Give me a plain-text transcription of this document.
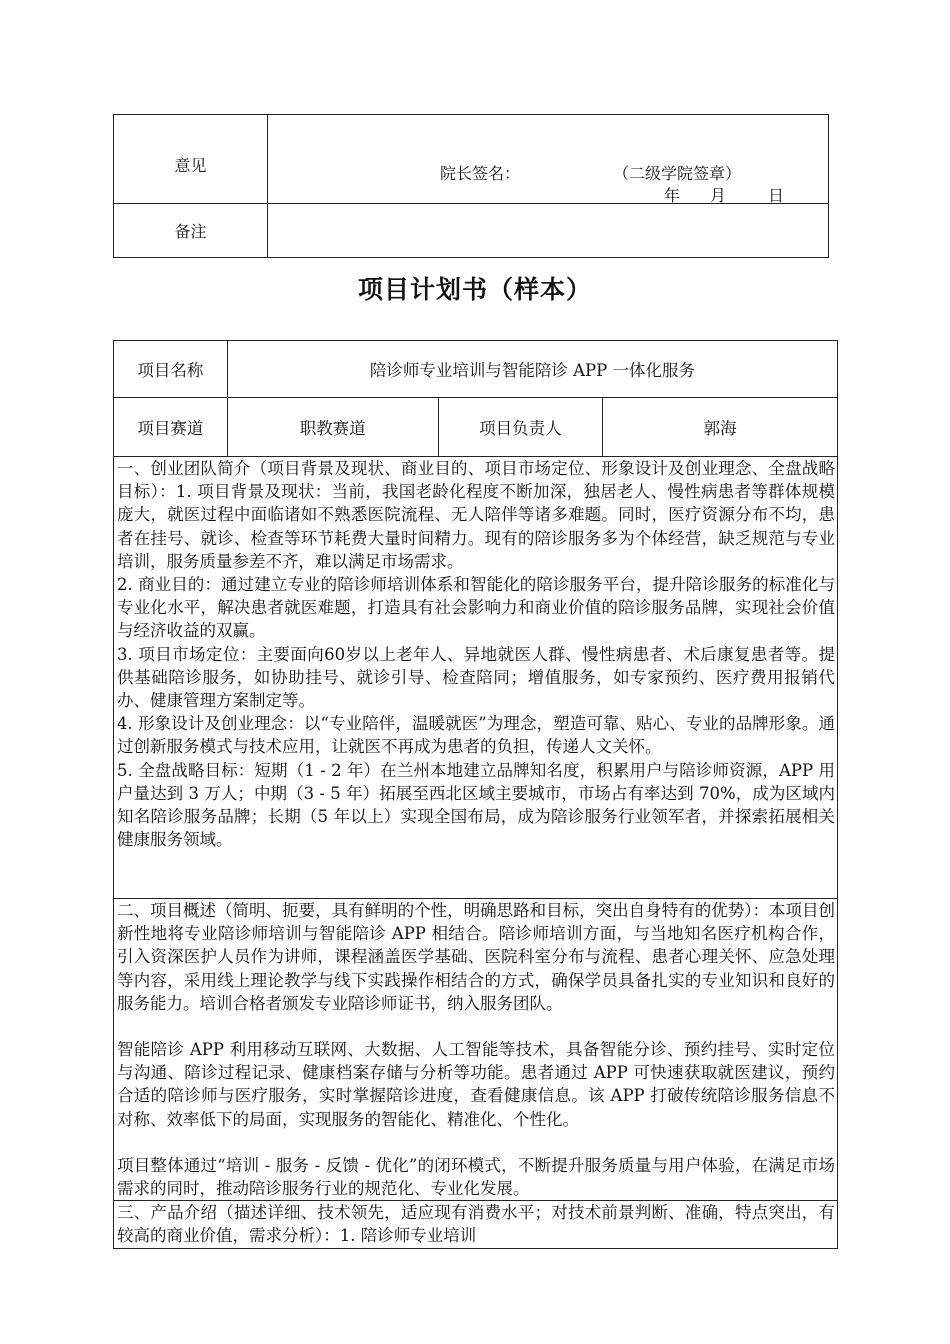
意见	院长签名： （二级学院签章）
年 月 日

备注	
项目计划书（样本）
项目名称	陪诊师专业培训与智能陪诊 APP 一体化服务		
项目赛道	职教赛道	项目负责人	郭海

一、创业团队简介（项目背景及现状、商业目的、项目市场定位、形象设计及创业理念、全盘战略目标）：1. 项目背景及现状：当前，我国老龄化程度不断加深，独居老人、慢性病患者等群体规模庞大，就医过程中面临诸如不熟悉医院流程、无人陪伴等诸多难题。同时，医疗资源分布不均，患者在挂号、就诊、检查等环节耗费大量时间精力。现有的陪诊服务多为个体经营，缺乏规范与专业培训，服务质量参差不齐，难以满足市场需求。

2. 商业目的：通过建立专业的陪诊师培训体系和智能化的陪诊服务平台，提升陪诊服务的标准化与专业化水平，解决患者就医难题，打造具有社会影响力和商业价值的陪诊服务品牌，实现社会价值与经济收益的双赢。

3. 项目市场定位：主要面向60岁以上老年人、异地就医人群、慢性病患者、术后康复患者等。提供基础陪诊服务，如协助挂号、就诊引导、检查陪同；增值服务，如专家预约、医疗费用报销代办、健康管理方案制定等。

4. 形象设计及创业理念：以“专业陪伴，温暖就医”为理念，塑造可靠、贴心、专业的品牌形象。通过创新服务模式与技术应用，让就医不再成为患者的负担，传递人文关怀。

5. 全盘战略目标：短期（1 - 2 年）在兰州本地建立品牌知名度，积累用户与陪诊师资源，APP 用户量达到 3 万人；中期（3 - 5 年）拓展至西北区域主要城市，市场占有率达到 70%，成为区域内知名陪诊服务品牌；长期（5 年以上）实现全国布局，成为陪诊服务行业领军者，并探索拓展相关健康服务领域。			

二、项目概述（简明、扼要，具有鲜明的个性，明确思路和目标，突出自身特有的优势）：本项目创新性地将专业陪诊师培训与智能陪诊 APP 相结合。陪诊师培训方面，与当地知名医疗机构合作，引入资深医护人员作为讲师，课程涵盖医学基础、医院科室分布与流程、患者心理关怀、应急处理等内容，采用线上理论教学与线下实践操作相结合的方式，确保学员具备扎实的专业知识和良好的服务能力。培训合格者颁发专业陪诊师证书，纳入服务团队。

智能陪诊 APP 利用移动互联网、大数据、人工智能等技术，具备智能分诊、预约挂号、实时定位与沟通、陪诊过程记录、健康档案存储与分析等功能。患者通过 APP 可快速获取就医建议，预约合适的陪诊师与医疗服务，实时掌握陪诊进度，查看健康信息。该 APP 打破传统陪诊服务信息不对称、效率低下的局面，实现服务的智能化、精准化、个性化。

项目整体通过“培训 - 服务 - 反馈 - 优化”的闭环模式，不断提升服务质量与用户体验，在满足市场需求的同时，推动陪诊服务行业的规范化、专业化发展。			

三、产品介绍（描述详细、技术领先，适应现有消费水平；对技术前景判断、准确，特点突出，有较高的商业价值，需求分析）：1. 陪诊师专业培训			
